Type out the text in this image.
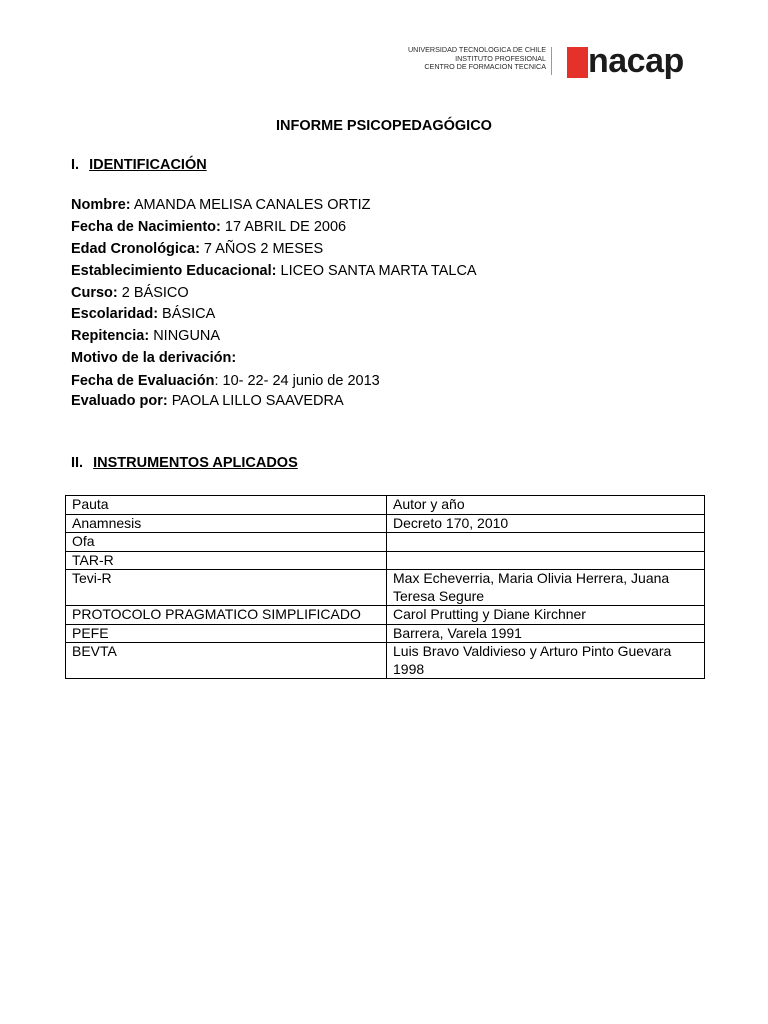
UNIVERSIDAD TECNOLOGICA DE CHILE
INSTITUTO PROFESIONAL
CENTRO DE FORMACION TECNICA nacap
INFORME PSICOPEDAGÓGICO
I. IDENTIFICACIÓN
Nombre: AMANDA MELISA CANALES ORTIZ
Fecha de Nacimiento: 17 ABRIL DE 2006
Edad Cronológica: 7 AÑOS 2 MESES
Establecimiento Educacional: LICEO SANTA MARTA TALCA
Curso: 2 BÁSICO
Escolaridad: BÁSICA
Repitencia: NINGUNA
Motivo de la derivación:
Fecha de Evaluación: 10- 22- 24 junio de 2013
Evaluado por: PAOLA LILLO SAAVEDRA
II. INSTRUMENTOS APLICADOS
Pauta	Autor y año
Anamnesis	Decreto 170, 2010
Ofa	
TAR-R	
Tevi-R	Max Echeverria, Maria Olivia Herrera, Juana Teresa Segure
PROTOCOLO PRAGMATICO SIMPLIFICADO	Carol Prutting y Diane Kirchner
PEFE	Barrera, Varela 1991
BEVTA	Luis Bravo Valdivieso y Arturo Pinto Guevara 1998
